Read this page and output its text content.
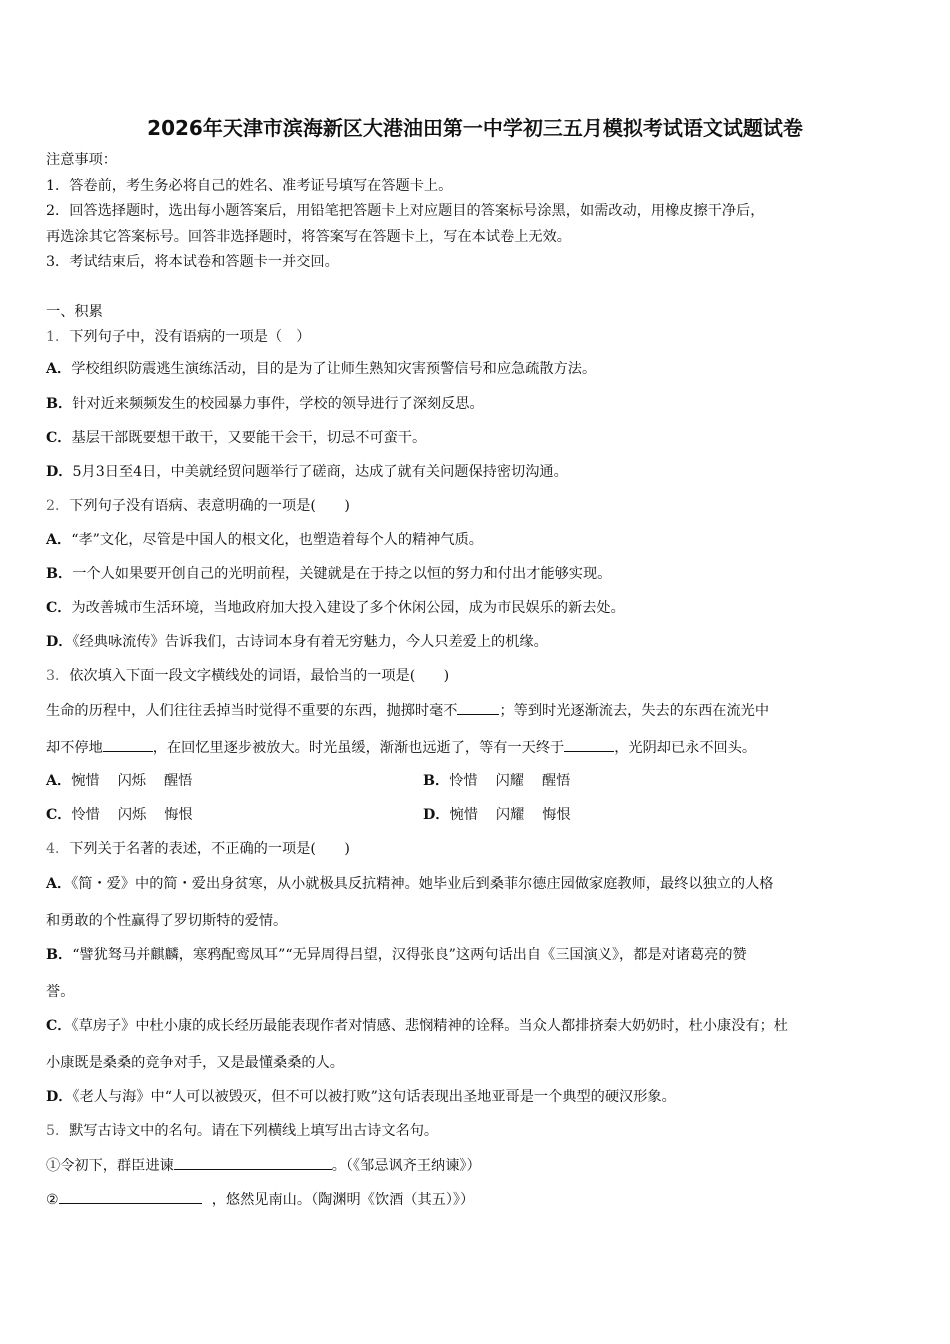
2026年天津市滨海新区大港油田第一中学初三五月模拟考试语文试题试卷
注意事项：
1．答卷前，考生务必将自己的姓名、准考证号填写在答题卡上。
2．回答选择题时，选出每小题答案后，用铅笔把答题卡上对应题目的答案标号涂黑，如需改动，用橡皮擦干净后，
再选涂其它答案标号。回答非选择题时，将答案写在答题卡上，写在本试卷上无效。
3．考试结束后，将本试卷和答题卡一并交回。
一、积累
1．下列句子中，没有语病的一项是（　）
A．学校组织防震逃生演练活动，目的是为了让师生熟知灾害预警信号和应急疏散方法。
B．针对近来频频发生的校园暴力事件，学校的领导进行了深刻反思。
C．基层干部既要想干敢干，又要能干会干，切忌不可蛮干。
D．5月3日至4日，中美就经贸问题举行了磋商，达成了就有关问题保持密切沟通。
2．下列句子没有语病、表意明确的一项是(　　)
A．“孝”文化，尽管是中国人的根文化，也塑造着每个人的精神气质。
B．一个人如果要开创自己的光明前程，关键就是在于持之以恒的努力和付出才能够实现。
C．为改善城市生活环境，当地政府加大投入建设了多个休闲公园，成为市民娱乐的新去处。
D．《经典咏流传》告诉我们，古诗词本身有着无穷魅力，今人只差爱上的机缘。
3．依次填入下面一段文字横线处的词语，最恰当的一项是(　　)
生命的历程中，人们往往丢掉当时觉得不重要的东西，抛掷时毫不	；等到时光逐渐流去，失去的东西在流光中
却不停地	，在回忆里逐步被放大。时光虽缓，渐渐也远逝了，等有一天终于	，光阴却已永不回头。
A．惋惜 闪烁 醒悟	B．怜惜 闪耀 醒悟
C．怜惜 闪烁 悔恨	D．惋惜 闪耀 悔恨
4．下列关于名著的表述，不正确的一项是(　　)
A．《简・爱》中的简・爱出身贫寒，从小就极具反抗精神。她毕业后到桑菲尔德庄园做家庭教师，最终以独立的人格
和勇敢的个性赢得了罗切斯特的爱情。
B．“譬犹驽马并麒麟，寒鸦配鸾凤耳”“无异周得吕望，汉得张良”这两句话出自《三国演义》，都是对诸葛亮的赞
誉。
C．《草房子》中杜小康的成长经历最能表现作者对情感、悲悯精神的诠释。当众人都排挤秦大奶奶时，杜小康没有；杜
小康既是桑桑的竞争对手，又是最懂桑桑的人。
D．《老人与海》中“人可以被毁灭，但不可以被打败”这句话表现出圣地亚哥是一个典型的硬汉形象。
5．默写古诗文中的名句。请在下列横线上填写出古诗文名句。
①令初下，群臣进谏	。（《邹忌讽齐王纳谏》）
②	，悠然见南山。（陶渊明《饮酒（其五）》）
